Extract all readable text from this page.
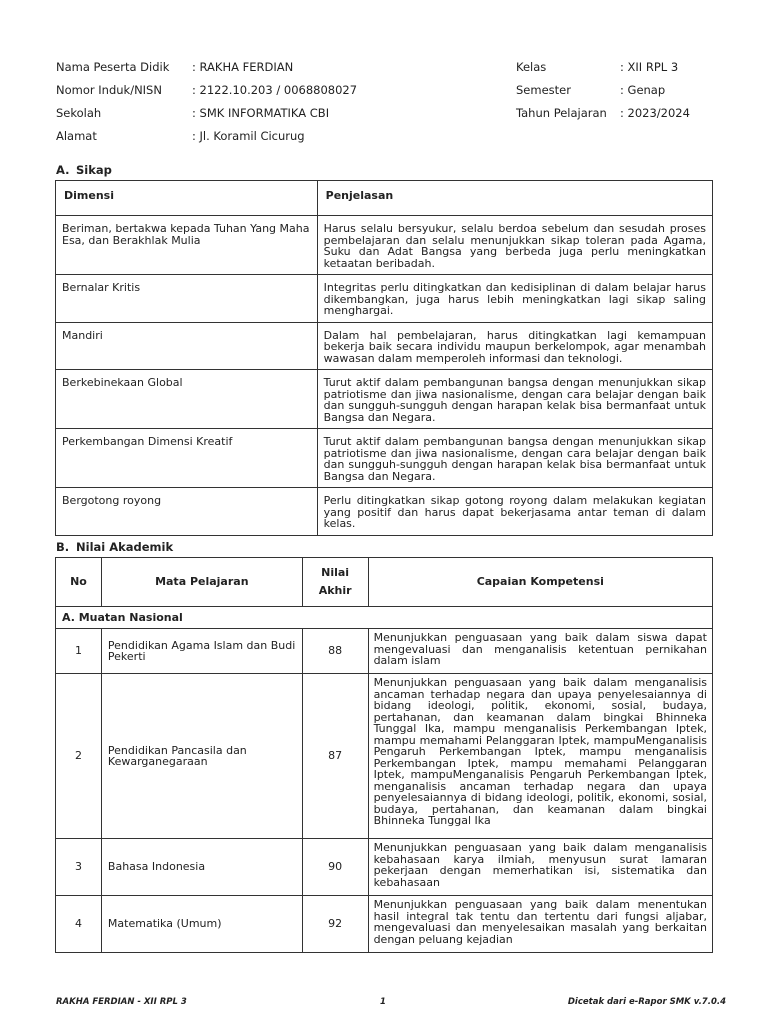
Nama Peserta Didik	: RAKHA FERDIAN
Nomor Induk/NISN	: 2122.10.203 / 0068808027
Sekolah	: SMK INFORMATIKA CBI
Alamat	: Jl. Koramil Cicurug
Kelas	: XII RPL 3
Semester	: Genap
Tahun Pelajaran	: 2023/2024
A. Sikap
Dimensi	Penjelasan
Beriman, bertakwa kepada Tuhan Yang Maha Esa, dan Berakhlak Mulia	Harus selalu bersyukur, selalu berdoa sebelum dan sesudah proses pembelajaran dan selalu menunjukkan sikap toleran pada Agama, Suku dan Adat Bangsa yang berbeda juga perlu meningkatkan ketaatan beribadah.
Bernalar Kritis	Integritas perlu ditingkatkan dan kedisiplinan di dalam belajar harus dikembangkan, juga harus lebih meningkatkan lagi sikap saling menghargai.
Mandiri	Dalam hal pembelajaran, harus ditingkatkan lagi kemampuan bekerja baik secara individu maupun berkelompok, agar menambah wawasan dalam memperoleh informasi dan teknologi.
Berkebinekaan Global	Turut aktif dalam pembangunan bangsa dengan menunjukkan sikap patriotisme dan jiwa nasionalisme, dengan cara belajar dengan baik dan sungguh-sungguh dengan harapan kelak bisa bermanfaat untuk Bangsa dan Negara.
Perkembangan Dimensi Kreatif	Turut aktif dalam pembangunan bangsa dengan menunjukkan sikap patriotisme dan jiwa nasionalisme, dengan cara belajar dengan baik dan sungguh-sungguh dengan harapan kelak bisa bermanfaat untuk Bangsa dan Negara.
Bergotong royong	Perlu ditingkatkan sikap gotong royong dalam melakukan kegiatan yang positif dan harus dapat bekerjasama antar teman di dalam kelas.
B. Nilai Akademik
No	Mata Pelajaran	Nilai Akhir	Capaian Kompetensi
A. Muatan Nasional			
1	Pendidikan Agama Islam dan Budi Pekerti	88	Menunjukkan penguasaan yang baik dalam siswa dapat mengevaluasi dan menganalisis ketentuan pernikahan dalam islam
2	Pendidikan Pancasila dan Kewarganegaraan	87	Menunjukkan penguasaan yang baik dalam menganalisis ancaman terhadap negara dan upaya penyelesaiannya di bidang ideologi, politik, ekonomi, sosial, budaya, pertahanan, dan keamanan dalam bingkai Bhinneka Tunggal Ika, mampu menganalisis Perkembangan Iptek, mampu memahami Pelanggaran Iptek, mampuMenganalisis Pengaruh Perkembangan Iptek, mampu menganalisis Perkembangan Iptek, mampu memahami Pelanggaran Iptek, mampuMenganalisis Pengaruh Perkembangan Iptek, menganalisis ancaman terhadap negara dan upaya penyelesaiannya di bidang ideologi, politik, ekonomi, sosial, budaya, pertahanan, dan keamanan dalam bingkai Bhinneka Tunggal Ika
3	Bahasa Indonesia	90	Menunjukkan penguasaan yang baik dalam menganalisis kebahasaan karya ilmiah, menyusun surat lamaran pekerjaan dengan memerhatikan isi, sistematika dan kebahasaan
4	Matematika (Umum)	92	Menunjukkan penguasaan yang baik dalam menentukan hasil integral tak tentu dan tertentu dari fungsi aljabar, mengevaluasi dan menyelesaikan masalah yang berkaitan dengan peluang kejadian
RAKHA FERDIAN - XII RPL 3	1	Dicetak dari e-Rapor SMK v.7.0.4
